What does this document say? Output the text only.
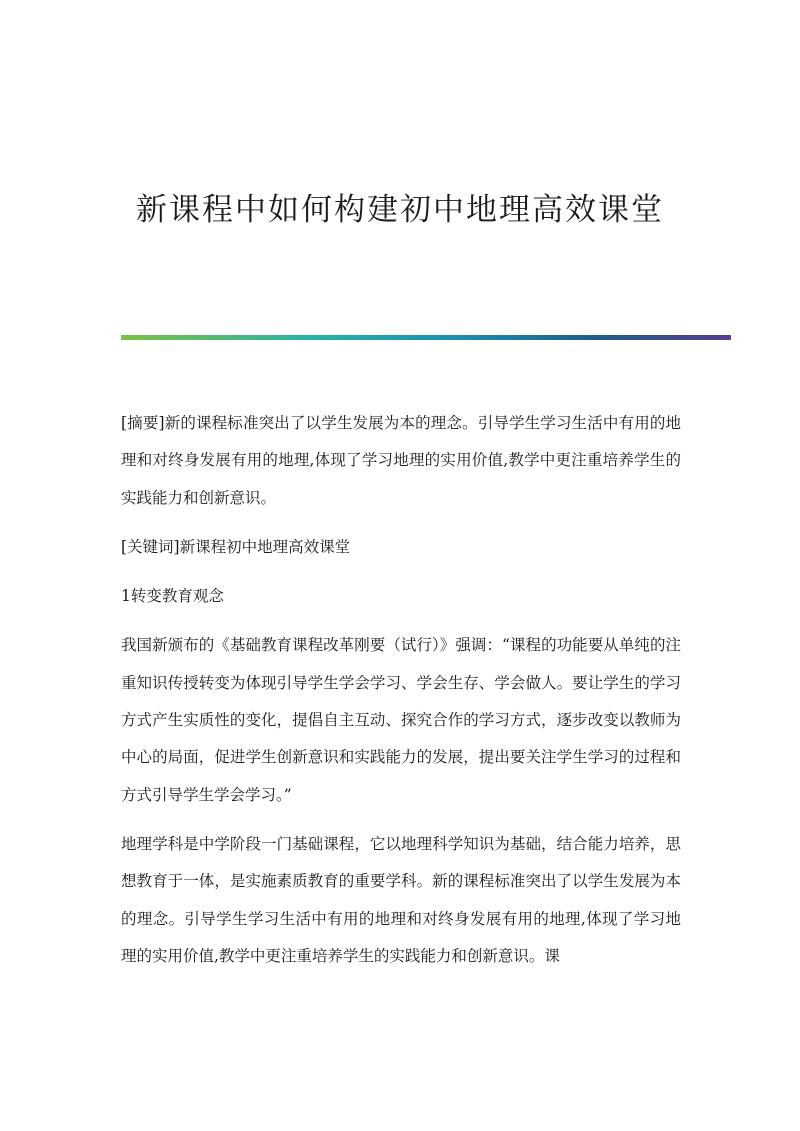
新课程中如何构建初中地理高效课堂

[摘要]新的课程标准突出了以学生发展为本的理念。引导学生学习生活中有用的地理和对终身发展有用的地理,体现了学习地理的实用价值,教学中更注重培养学生的实践能力和创新意识。

[关键词]新课程初中地理高效课堂

1转变教育观念

我国新颁布的《基础教育课程改革刚要（试行）》强调：“课程的功能要从单纯的注重知识传授转变为体现引导学生学会学习、学会生存、学会做人。要让学生的学习方式产生实质性的变化，提倡自主互动、探究合作的学习方式，逐步改变以教师为中心的局面，促进学生创新意识和实践能力的发展，提出要关注学生学习的过程和方式引导学生学会学习。”

地理学科是中学阶段一门基础课程，它以地理科学知识为基础，结合能力培养，思想教育于一体，是实施素质教育的重要学科。新的课程标准突出了以学生发展为本的理念。引导学生学习生活中有用的地理和对终身发展有用的地理,体现了学习地理的实用价值,教学中更注重培养学生的实践能力和创新意识。课
